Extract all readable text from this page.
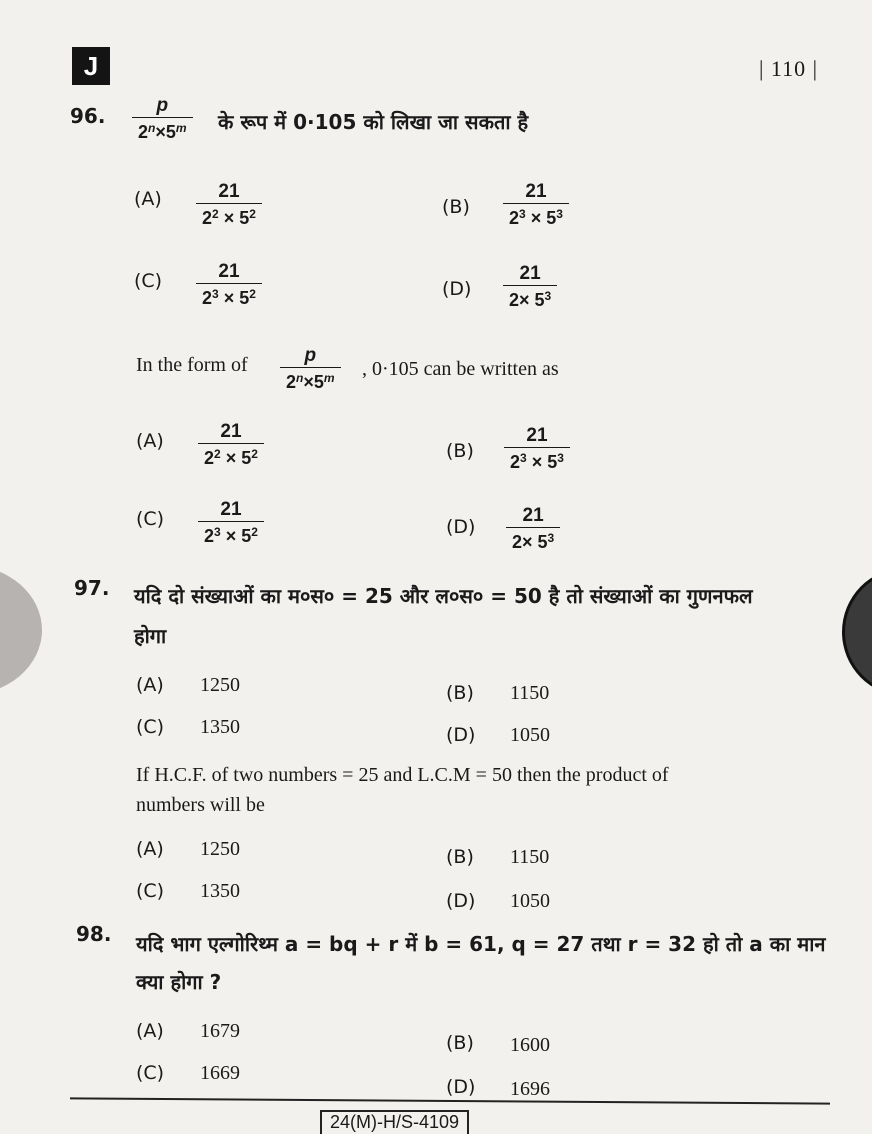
J	| 110 |
96. $\frac{p}{2^n\times 5^m}$ के रूप में 0·105 को लिखा जा सकता है
$(A) \frac{21}{2^2 \times 5^2}$	$(B) \frac{21}{2^3 \times 5^3}$
$(C) \frac{21}{2^3 \times 5^2}$	$(D) \frac{21}{2\times 5^3}$
In the form of $\frac{p}{2^n\times 5^m}$ , 0·105 can be written as
$(A) \frac{21}{2^2 \times 5^2}$	$(B) \frac{21}{2^3 \times 5^3}$
$(C) \frac{21}{2^3 \times 5^2}$	$(D) \frac{21}{2\times 5^3}$
97. यदि दो संख्याओं का म०स० = 25 और ल०स० = 50 है तो संख्याओं का गुणनफल
होगा
(A) 1250	(B) 1150
(C) 1350	(D) 1050
If H.C.F. of two numbers = 25 and L.C.M = 50 then the product of
numbers will be
(A) 1250	(B) 1150
(C) 1350	(D) 1050
98. यदि भाग एल्गोरिथ्म a = bq + r में b = 61, q = 27 तथा r = 32 हो तो a का मान
क्या होगा ?
(A) 1679
(B) 1600
(C) 1669
(D) 1696
24(M)-H/S-4109
